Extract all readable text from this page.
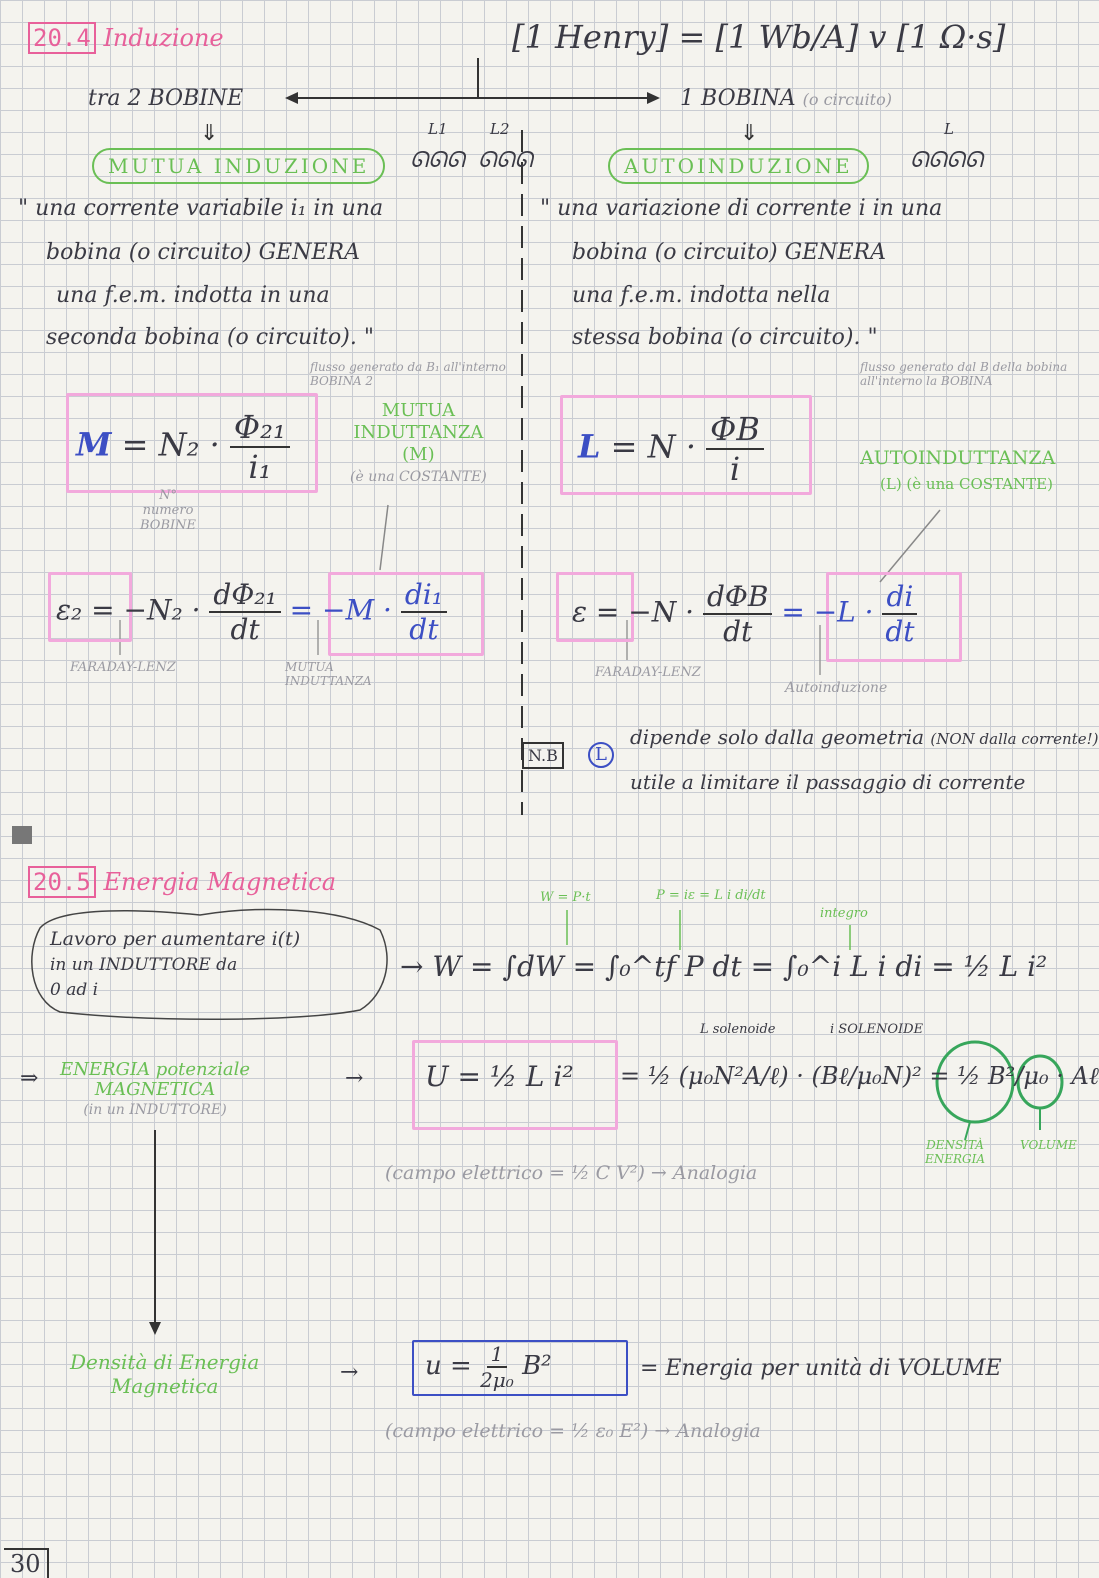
⇓	⇓
20.4 Induzione	[1 Henry] = [1 Wb/A] v [1 Ω·s]
tra 2 BOBINE	1 BOBINA (o circuito)
MUTUA INDUZIONE	AUTOINDUZIONE
ᘏᘏᘏ
L1
ᘏᘏᘏ
L2
ᘏᘏᘏᘏ
L
" una corrente variabile i₁ in una
bobina (o circuito) GENERA
una f.e.m. indotta in una
seconda bobina (o circuito). "
" una variazione di corrente i in una
bobina (o circuito) GENERA
una f.e.m. indotta nella
stessa bobina (o circuito). "
flusso generato da B₁ all'interno BOBINA 2
flusso generato dal B della bobina all'interno la BOBINA
$M = N_2 \cdot \frac{\text{Φ₂₁}}{\text{i₁}}$	MUTUA
INDUTTANZA
(M)
(è una COSTANTE)
N°
numero
BOBINE
$L = N \cdot \frac{\Phi B}{i}$	AUTOINDUTTANZA
(L) (è una COSTANTE)
$\varepsilon_2 = -N_2 \cdot \frac{\text{dΦ₂₁}}{dt} = -M \cdot \frac{\text{di₁}}{dt}$	$\varepsilon = -N \cdot \frac{\text{dΦB}}{dt} = -L \cdot \frac{di}{dt}$
FARADAY-LENZ	MUTUA INDUTTANZA
FARADAY-LENZ
Autoinduzione
N.B	L
dipende solo dalla geometria (NON dalla corrente!)
utile a limitare il passaggio di corrente
20.5 Energia Magnetica
Lavoro per aumentare i(t)
in un INDUTTORE da
0 ad i
W = P·t	P = iε = L i di/dt
integro
→ W = ∫dW = ∫₀^tf P dt = ∫₀^i L i di = ½ L i²
L solenoide	i SOLENOIDE
ENERGIA potenziale
MAGNETICA
(in un INDUTTORE)
⇒	→ U = ½ L i² = ½ (μ₀N²A/ℓ) · (Bℓ/μ₀N)² = ½ B²/μ₀ · Aℓ
DENSITÀ ENERGIA
VOLUME
(campo elettrico = ½ C V²) → Analogia
Densità di Energia
Magnetica
→	$u = \frac{1}{\text{2μ₀}} B^2$	= Energia per unità di VOLUME
(campo elettrico = ½ ε₀ E²) → Analogia
30
